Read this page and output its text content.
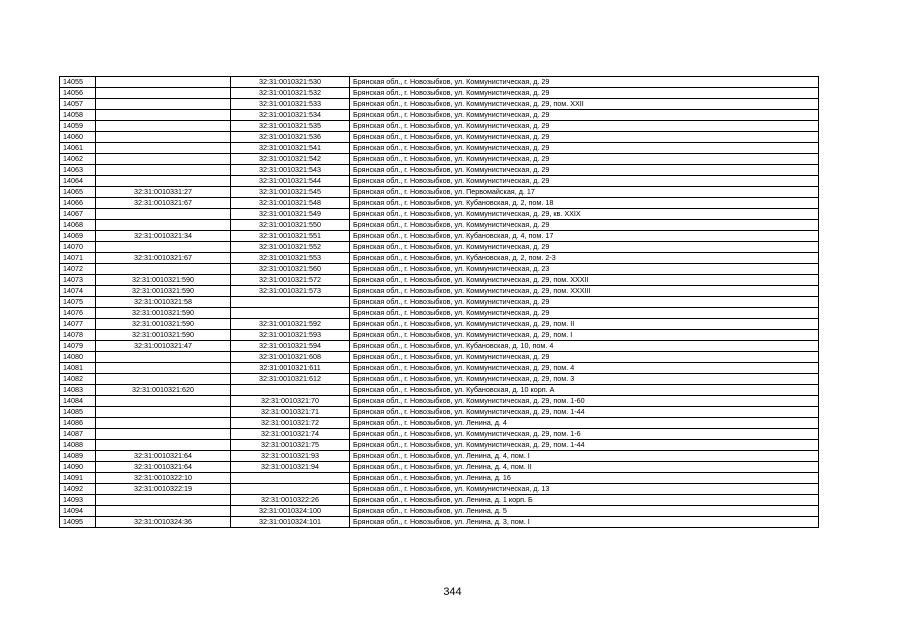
14055		32:31:0010321:530	Брянская обл., г. Новозыбков, ул. Коммунистическая, д. 29
14056		32:31:0010321:532	Брянская обл., г. Новозыбков, ул. Коммунистическая, д. 29
14057		32:31:0010321:533	Брянская обл., г. Новозыбков, ул. Коммунистическая, д. 29, пом. XXII
14058		32:31:0010321:534	Брянская обл., г. Новозыбков, ул. Коммунистическая, д. 29
14059		32:31:0010321:535	Брянская обл., г. Новозыбков, ул. Коммунистическая, д. 29
14060		32:31:0010321:536	Брянская обл., г. Новозыбков, ул. Коммунистическая, д. 29
14061		32:31:0010321:541	Брянская обл., г. Новозыбков, ул. Коммунистическая, д. 29
14062		32:31:0010321:542	Брянская обл., г. Новозыбков, ул. Коммунистическая, д. 29
14063		32:31:0010321:543	Брянская обл., г. Новозыбков, ул. Коммунистическая, д. 29
14064		32:31:0010321:544	Брянская обл., г. Новозыбков, ул. Коммунистическая, д. 29
14065	32:31:0010331:27	32:31:0010321:545	Брянская обл., г. Новозыбков, ул. Первомайская, д. 17
14066	32:31:0010321:67	32:31:0010321:548	Брянская обл., г. Новозыбков, ул. Кубановская, д. 2, пом. 18
14067		32:31:0010321:549	Брянская обл., г. Новозыбков, ул. Коммунистическая, д. 29, кв. XXIX
14068		32:31:0010321:550	Брянская обл., г. Новозыбков, ул. Коммунистическая, д. 29
14069	32:31:0010321:34	32:31:0010321:551	Брянская обл., г. Новозыбков, ул. Кубановская, д. 4, пом. 17
14070		32:31:0010321:552	Брянская обл., г. Новозыбков, ул. Коммунистическая, д. 29
14071	32:31:0010321:67	32:31:0010321:553	Брянская обл., г. Новозыбков, ул. Кубановская, д. 2, пом. 2-3
14072		32:31:0010321:560	Брянская обл., г. Новозыбков, ул. Коммунистическая, д. 23
14073	32:31:0010321:590	32:31:0010321:572	Брянская обл., г. Новозыбков, ул. Коммунистическая, д. 29, пом. XXXII
14074	32:31:0010321:590	32:31:0010321:573	Брянская обл., г. Новозыбков, ул. Коммунистическая, д. 29, пом. XXXIII
14075	32:31:0010321:58		Брянская обл., г. Новозыбков, ул. Коммунистическая, д. 29
14076	32:31:0010321:590		Брянская обл., г. Новозыбков, ул. Коммунистическая, д. 29
14077	32:31:0010321:590	32:31:0010321:592	Брянская обл., г. Новозыбков, ул. Коммунистическая, д. 29, пом. II
14078	32:31:0010321:590	32:31:0010321:593	Брянская обл., г. Новозыбков, ул. Коммунистическая, д. 29, пом. I
14079	32:31:0010321:47	32:31:0010321:594	Брянская обл., г. Новозыбков, ул. Кубановская, д. 10, пом. 4
14080		32:31:0010321:608	Брянская обл., г. Новозыбков, ул. Коммунистическая, д. 29
14081		32:31:0010321:611	Брянская обл., г. Новозыбков, ул. Коммунистическая, д. 29, пом. 4
14082		32:31:0010321:612	Брянская обл., г. Новозыбков, ул. Коммунистическая, д. 29, пом. 3
14083	32:31:0010321:620		Брянская обл., г. Новозыбков, ул. Кубановская, д. 10 корп. А
14084		32:31:0010321:70	Брянская обл., г. Новозыбков, ул. Коммунистическая, д. 29, пом. 1-60
14085		32:31:0010321:71	Брянская обл., г. Новозыбков, ул. Коммунистическая, д. 29, пом. 1-44
14086		32:31:0010321:72	Брянская обл., г. Новозыбков, ул. Ленина, д. 4
14087		32:31:0010321:74	Брянская обл., г. Новозыбков, ул. Коммунистическая, д. 29, пом. 1-6
14088		32:31:0010321:75	Брянская обл., г. Новозыбков, ул. Коммунистическая, д. 29, пом. 1-44
14089	32:31:0010321:64	32:31:0010321:93	Брянская обл., г. Новозыбков, ул. Ленина, д. 4, пом. I
14090	32:31:0010321:64	32:31:0010321:94	Брянская обл., г. Новозыбков, ул. Ленина, д. 4, пом. II
14091	32:31:0010322:10		Брянская обл., г. Новозыбков, ул. Ленина, д. 16
14092	32:31:0010322:19		Брянская обл., г. Новозыбков, ул. Коммунистическая, д. 13
14093		32:31:0010322:26	Брянская обл., г. Новозыбков, ул. Ленина, д. 1 корп. Б
14094		32:31:0010324:100	Брянская обл., г. Новозыбков, ул. Ленина, д. 5
14095	32:31:0010324:36	32:31:0010324:101	Брянская обл., г. Новозыбков, ул. Ленина, д. 3, пом. I
344
